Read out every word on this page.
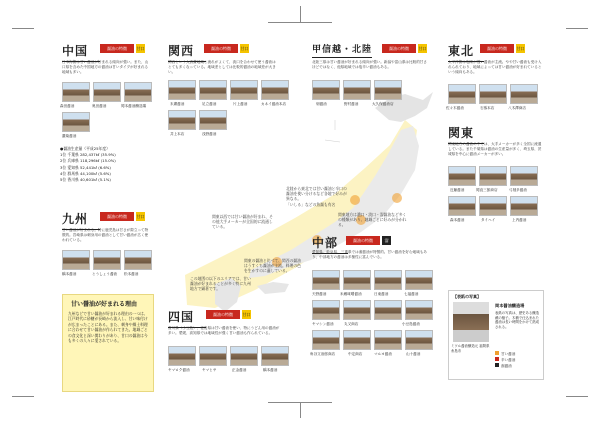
北陸から東北では甘い醤油と辛口の醤油を使い分けるなど各地で好みが異なる。
「いしる」などの魚醤も有名
関東地方は濃口・淡口・溜醤油など多くの種類があり、地域ごとに好みが分かれる。
関東以西では甘い醤油が好まれ、その他大手メーカーが全国的に流通している。
関東の醤油と比べて、関西の醤油はうすくち醤油が主流。料理の色を生かすのに適している。
この地図の以下のエリアでは、甘い醤油が好まれることが多く特に九州地方で顕著です。
中国	醤油の特徴	甘口
日本海側は甘い醤油が好まれる傾向が強い。また、山口県を含めた中国地方の醤油は甘いタイプが好まれる地域も多い。
森田醤油	奥田醤油	岡本醤油醸造場
濃菊醤油
●醤油生産量（平成25年度）
1位 千葉県 282,437kℓ (35.9%)
2位 兵庫県 118,296kℓ (15.0%)
3位 愛知県 52,441kℓ (6.6%)
4位 群馬県 44,100kℓ (5.6%)
5位 香川県 40,601kℓ (5.1%)
九州	醤油の特徴	甘口
甘い醤油が好まれる。特に鹿児島は甘さが際立って特徴的。宮崎県は刺身用の醤油として甘い醤油が広く使われている。
橋本醤油	とうしょう醤油 松本醤油
甘い醤油が好まれる理由
九州などで甘い醤油が好まれる理由の一つは、江戸時代に砂糖が長崎から流入し、甘い味付けが広まったことにある。また、刺身や郷土料理に合わせて甘い醤油が作られてきた。地域ごとの食文化と深い関わりがあり、甘口の醤油は今も多くの人々に愛されている。
関西	醤油の特徴	甘口
関西という大消費地域と流れがよくて、淡口を合わせて使う醤油はとても多くなっている。地域差としては比較的醤油の地域差が大きい。
末廣醤油	足立醤油	片上醤油	カネイ醤油本店
井上本店	浅野醤油
甲信越・北陸	醤油の特徴	甘口
北陸三県は甘い醤油が好まれる傾向が強い。新潟や富山県は比較的甘さほどではなく、他県地域では塩辛い醤油もある。
畑醤油	野村醤油	大久保醤油店
東北	醤油の特徴	甘口
太平洋側は塩味が強い醤油が主流。やや甘い醤油も受け入れられており、地域によっては甘い醤油が好まれているという傾向もある。
佐々木醤油	石孫本店	八木澤商店
関東
関東地方の醤油の中では、大手メーカーが多く全国に流通している。また千葉県は醤油の生産量が多く、埼玉県、茨城県を中心に醤油メーカーが多い。
近藤醤油	岡直三郎商店	弓削多醤油
森本醤油	タイヘイ	上内醤油
中部	醤油の特徴	溜
愛知県、岐阜県、三重県では溜醤油が特徴的。甘い醤油を好む地域もあり、中部地方の醤油は多様性に富んでいる。
天野醤油	米蔵味噌醤油	日東醤油	七福醤油
ヤマシン醤油	丸又商店	小豆島醤油
角谷文治郎商店	中定商店	マルヨ醤油	山十醤油
四国	醤油の特徴	甘口
香川県（小豆島）、徳島県は甘い醤油を使い、特にうどん用の醤油が多い。愛媛、高知県では地域性が強く甘い醤油も作られている。
ヤマロク醤油	ヤマヒサ	正金醤油	橋本醤油
【表紙の写真】
ミツル醤油醸造元 福岡県糸島市
岡本醤油醸造場
表紙の写真は、歴史ある醸造蔵の様子。木桶で仕込まれた醤油は長い時間をかけて熟成される。
甘い醤油
辛い醤油
溜醤油
